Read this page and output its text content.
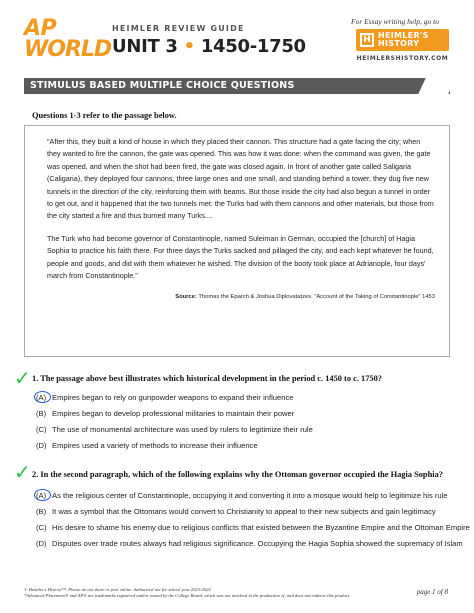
AP
WORLD
HEIMLER REVIEW GUIDE
UNIT 3 • 1450-1750
For Essay writing help, go to
H HEIMLER'S
HISTORY
HEIMLERSHISTORY.COM
STIMULUS BASED MULTIPLE CHOICE QUESTIONS
Questions 1-3 refer to the passage below.

"After this, they built a kind of house in which they placed their cannon. This structure had a gate facing the city; when they wanted to fire the cannon, the gate was opened. This was how it was done: when the command was given, the gate was opened, and when the shot had been fired, the gate was closed again. In front of another gate called Saligaria (Caligaria), they deployed four cannons, three large ones and one small, and standing behind a tower, they dug five new tunnels in the direction of the city, reinforcing them with beams. But those inside the city had also begun a tunnel in order to get out, and it happened that the two tunnels met: the Turks had with them cannons and other materials, but those from the city started a fire and thus burned many Turks....

The Turk who had become governor of Constantinople, named Suleiman in German, occupied the [church] of Hagia Sophia to practice his faith there. For three days the Turks sacked and pillaged the city, and each kept whatever he found, people and goods, and did with them whatever he wished. The division of the booty took place at Adrianople, four days' march from Constantinople."

Source: Thomas the Eparch & Joshua Diplovatatzes. "Account of the Taking of Constantinople" 1453
✓ 1. The passage above best illustrates which historical development in the period c. 1450 to c. 1750?
(A) Empires began to rely on gunpowder weapons to expand their influence
(B) Empires began to develop professional militaries to maintain their power
(C) The use of monumental architecture was used by rulers to legitimize their rule
(D) Empires used a variety of methods to increase their influence
✓ 2. In the second paragraph, which of the following explains why the Ottoman governor occupied the Hagia Sophia?
(A) As the religious center of Constantinople, occupying it and converting it into a mosque would help to legitimize his rule
(B) It was a symbol that the Ottomans would convert to Christianity to appeal to their new subjects and gain legitimacy
(C) His desire to shame his enemy due to religious conflicts that existed between the Byzantine Empire and the Ottoman Empire
(D) Disputes over trade routes always had religious significance. Occupying the Hagia Sophia showed the supremacy of Islam
© Heimler's History™. Please do not share or post online. Authorized use for school year 2023-2024
*Advanced Placement® and AP® are trademarks registered and/or owned by the College Board, which was not involved in the production of, and does not endorse this product.	page 1 of 8
